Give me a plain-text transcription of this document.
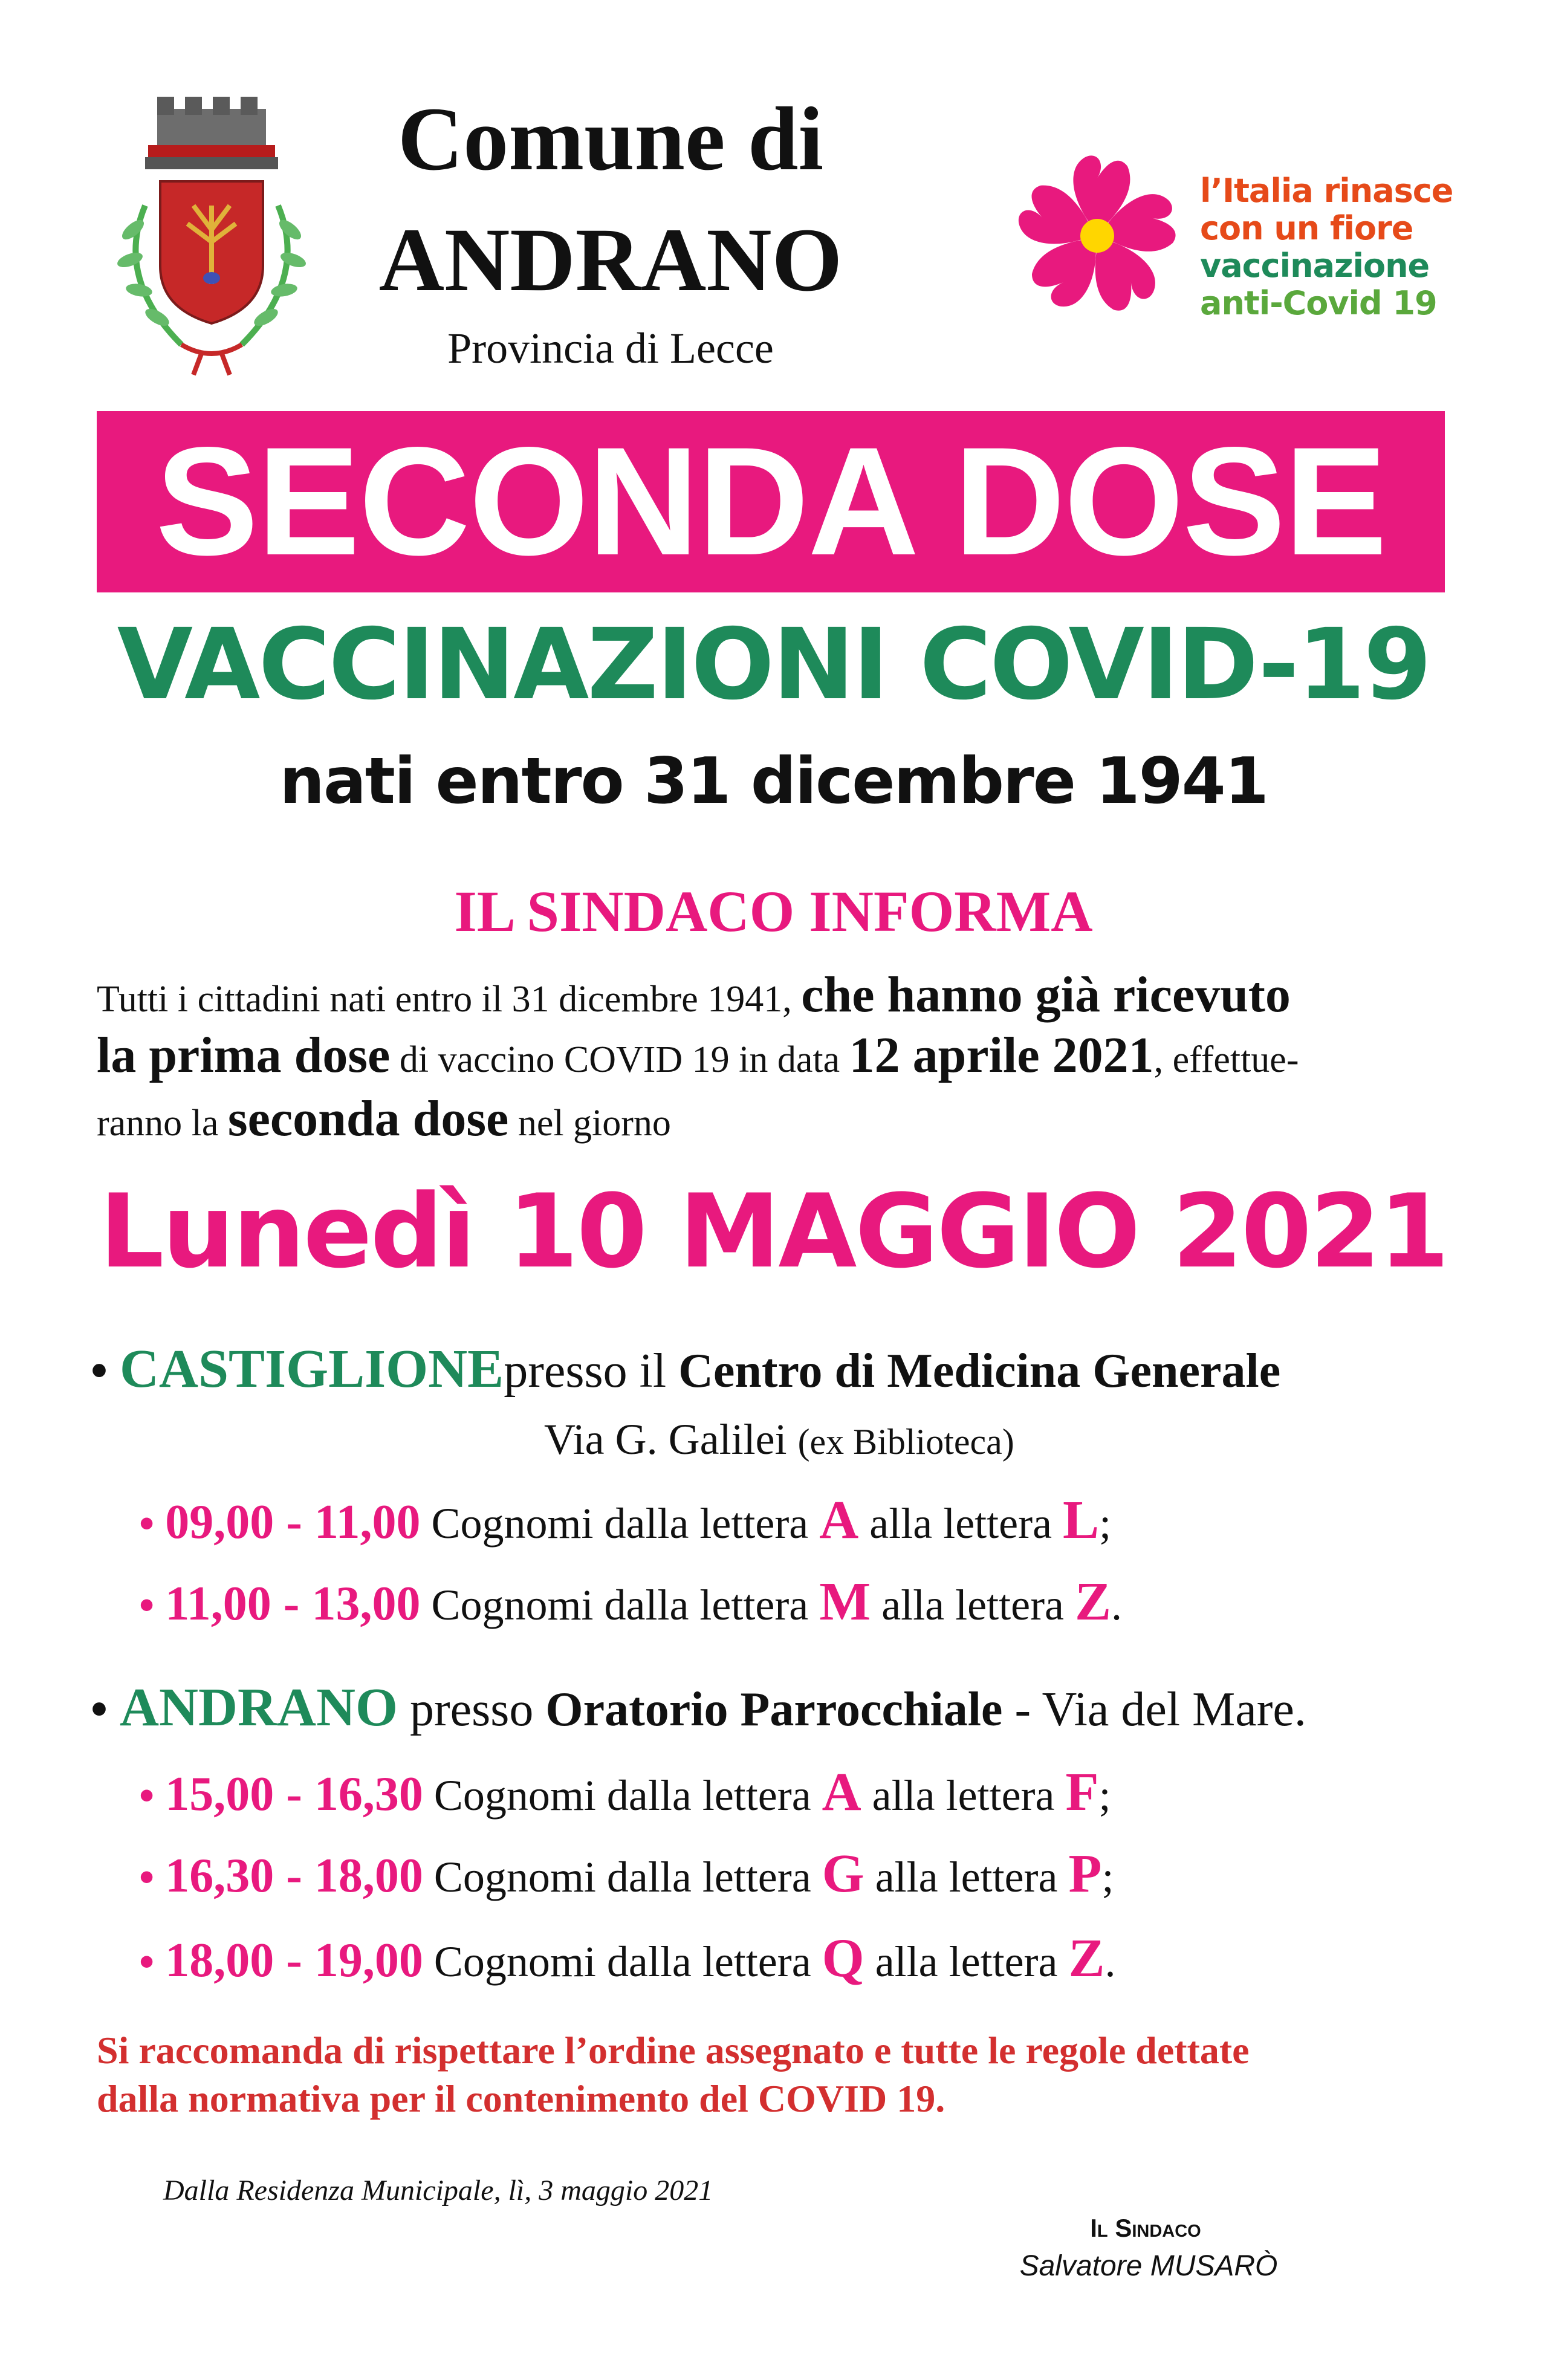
Comune di
ANDRANO
Provincia di Lecce
l’Italia rinasce
con un fiore
vaccinazione
anti-Covid 19
SECONDA DOSE
VACCINAZIONI COVID-19
nati entro 31 dicembre 1941
IL SINDACO INFORMA
Tutti i cittadini nati entro il 31 dicembre 1941, che hanno già ricevuto
la prima dose di vaccino COVID 19 in data 12 aprile 2021, effettue-
ranno la seconda dose nel giorno
Lunedì 10 MAGGIO 2021
• CASTIGLIONEpresso il Centro di Medicina Generale
Via G. Galilei (ex Biblioteca)
• 09,00 - 11,00 Cognomi dalla lettera A alla lettera L;
• 11,00 - 13,00 Cognomi dalla lettera M alla lettera Z.
• ANDRANO presso Oratorio Parrocchiale - Via del Mare.
• 15,00 - 16,30 Cognomi dalla lettera A alla lettera F;
• 16,30 - 18,00 Cognomi dalla lettera G alla lettera P;
• 18,00 - 19,00 Cognomi dalla lettera Q alla lettera Z.
Si raccomanda di rispettare l’ordine assegnato e tutte le regole dettate
dalla normativa per il contenimento del COVID 19.
Dalla Residenza Municipale, lì, 3 maggio 2021
Il Sindaco
Salvatore MUSARÒ
